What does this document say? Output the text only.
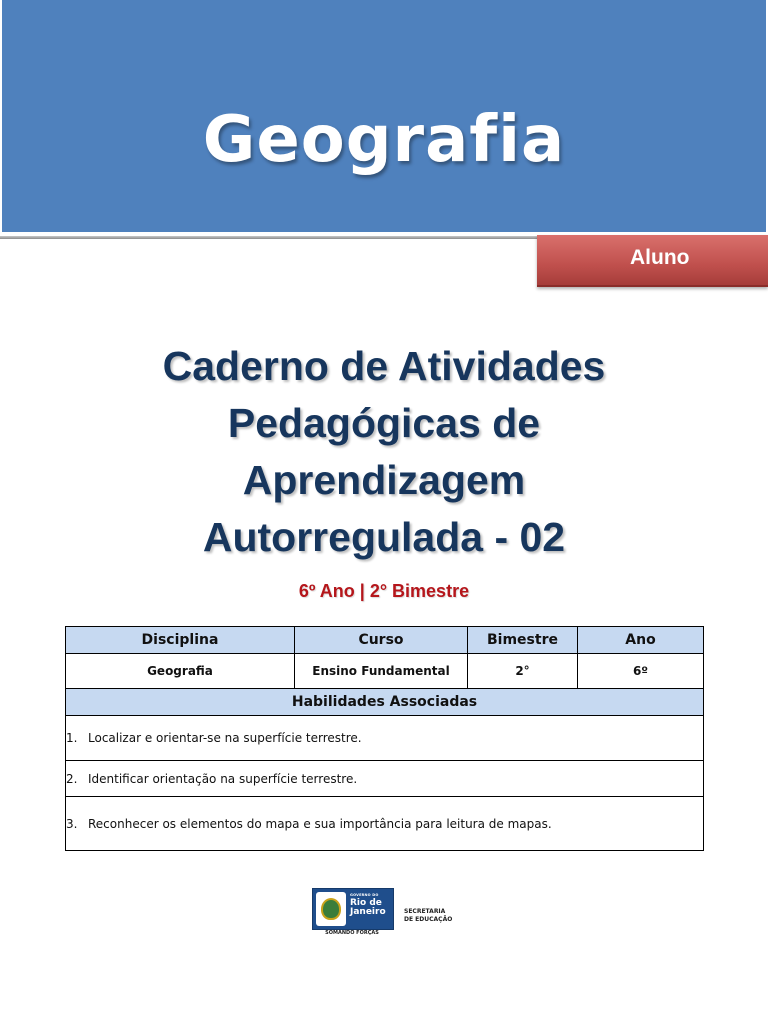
Geografia
Aluno
Caderno de Atividades
Pedagógicas de
Aprendizagem
Autorregulada - 02
6º Ano | 2° Bimestre
Disciplina	Curso	Bimestre	Ano
Geografia	Ensino Fundamental	2°	6º
Habilidades Associadas			
1. Localizar e orientar-se na superfície terrestre.			
2. Identificar orientação na superfície terrestre.			
3. Reconhecer os elementos do mapa e sua importância para leitura de mapas.			
GOVERNO DO
Rio de
Janeiro
SOMANDO FORÇAS
SECRETARIA
DE EDUCAÇÃO
